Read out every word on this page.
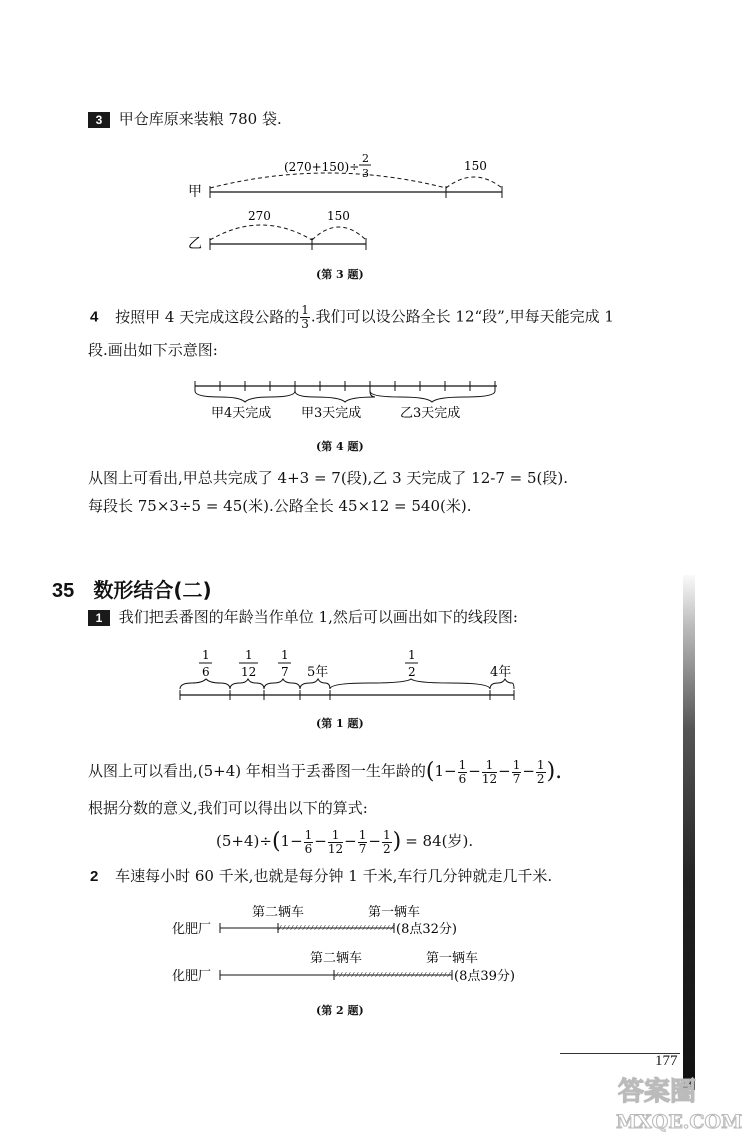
3 甲仓库原来装粮 780 袋.
甲
(270+150)÷
2
3
150
乙
270	150
(第 3 题)
4 按照甲 4 天完成这段公路的 $\frac{1}{3}$ .我们可以设公路全长 12“段”,甲每天能完成 1
段.画出如下示意图:
甲4天完成 甲3天完成	乙3天完成
(第 4 题)
从图上可看出,甲总共完成了 4+3 = 7(段),乙 3 天完成了 12-7 = 5(段).
每段长 75×3÷5 = 45(米).公路全长 45×12 = 540(米).
35 数形结合(二)
1 我们把丢番图的年龄当作单位 1,然后可以画出如下的线段图:
1
6
1
12
1
7 5年
1
2	4年
(第 1 题)
从图上可以看出,(5+4) 年相当于丢番图一生年龄的($1- \frac{1}{6} - \frac{1}{12} - \frac{1}{7} - \frac{1}{2}$ ).
根据分数的意义,我们可以得出以下的算式:
$(5+4)\div(1- \frac{1}{6} - \frac{1}{12} - \frac{1}{7} - \frac{1}{2}$ ) = 84(岁).
2 车速每小时 60 千米,也就是每分钟 1 千米,车行几分钟就走几千米.
第二辆车	第一辆车
化肥厂	(8点32分)
第二辆车	第一辆车
化肥厂	(8点39分)
(第 2 题)
177
答案圈
MXQE.COM
